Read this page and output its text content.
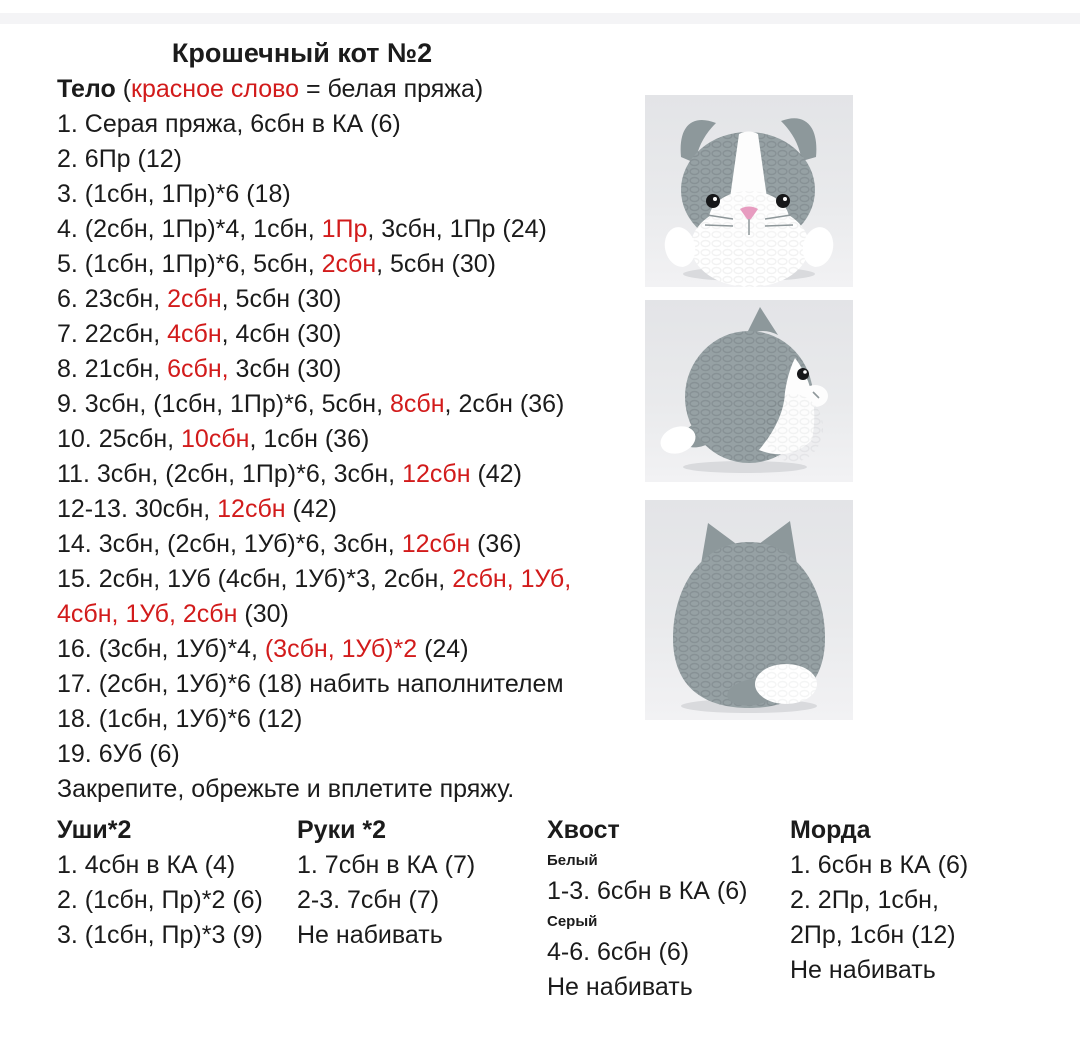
Крошечный кот №2
Тело (красное слово = белая пряжа)
1. Серая пряжа, 6сбн в КА (6)
2. 6Пр (12)
3. (1сбн, 1Пр)*6 (18)
4. (2сбн, 1Пр)*4, 1сбн, 1Пр, 3сбн, 1Пр (24)
5. (1сбн, 1Пр)*6, 5сбн, 2сбн, 5сбн (30)
6. 23сбн, 2сбн, 5сбн (30)
7. 22сбн, 4сбн, 4сбн (30)
8. 21сбн, 6сбн, 3сбн (30)
9. 3сбн, (1сбн, 1Пр)*6, 5сбн, 8сбн, 2сбн (36)
10. 25сбн, 10сбн, 1сбн (36)
11. 3сбн, (2сбн, 1Пр)*6, 3сбн, 12сбн (42)
12-13. 30сбн, 12сбн (42)
14. 3сбн, (2сбн, 1Уб)*6, 3сбн, 12сбн (36)
15. 2сбн, 1Уб (4сбн, 1Уб)*3, 2сбн, 2сбн, 1Уб,
4сбн, 1Уб, 2сбн (30)
16. (3сбн, 1Уб)*4, (3сбн, 1Уб)*2 (24)
17. (2сбн, 1Уб)*6 (18) набить наполнителем
18. (1сбн, 1Уб)*6 (12)
19. 6Уб (6)
Закрепите, обрежьте и вплетите пряжу.
Уши*2
1. 4сбн в КА (4)
2. (1сбн, Пр)*2 (6)
3. (1сбн, Пр)*3 (9)
Руки *2
1. 7сбн в КА (7)
2-3. 7сбн (7)
Не набивать
Хвост
Белый
1-3. 6сбн в КА (6)
Серый
4-6. 6сбн (6)
Не набивать
Морда
1. 6сбн в КА (6)
2. 2Пр, 1сбн,
2Пр, 1сбн (12)
Не набивать
